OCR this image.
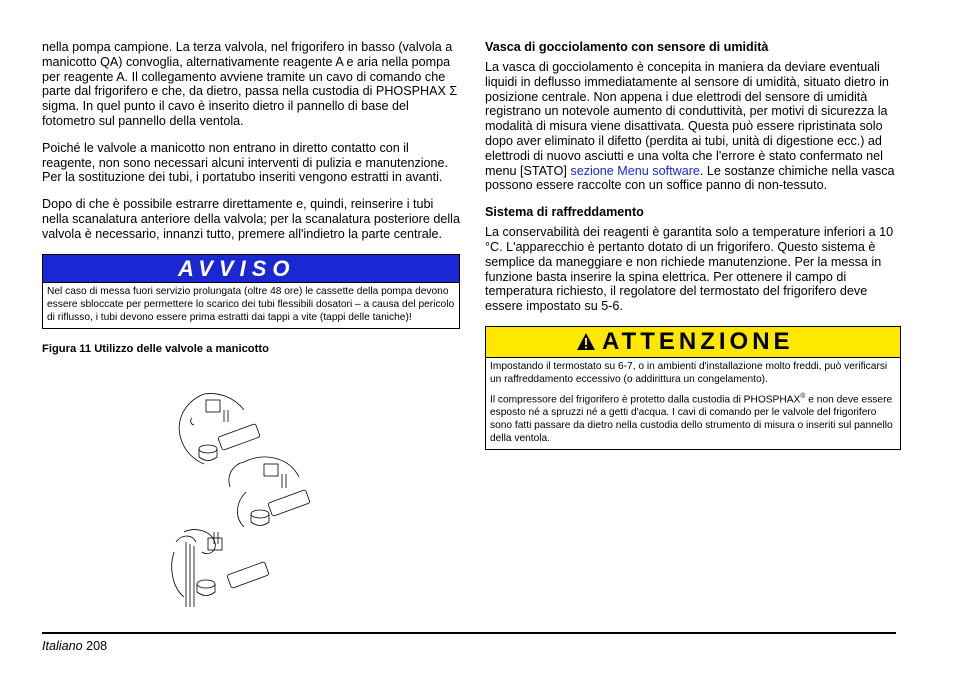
nella pompa campione. La terza valvola, nel frigorifero in basso (valvola a manicotto QA) convoglia, alternativamente reagente A e aria nella pompa per reagente A. Il collegamento avviene tramite un cavo di comando che parte dal frigorifero e che, da dietro, passa nella custodia di PHOSPHAX Σ sigma. In quel punto il cavo è inserito dietro il pannello di base del fotometro sul pannello della ventola.

Poiché le valvole a manicotto non entrano in diretto contatto con il reagente, non sono necessari alcuni interventi di pulizia e manutenzione. Per la sostituzione dei tubi, i portatubo inseriti vengono estratti in avanti.

Dopo di che è possibile estrarre direttamente e, quindi, reinserire i tubi nella scanalatura anteriore della valvola; per la scanalatura posteriore della valvola è necessario, innanzi tutto, premere all'indietro la parte centrale.

AVVISO

Nel caso di messa fuori servizio prolungata (oltre 48 ore) le cassette della pompa devono essere sbloccate per permettere lo scarico dei tubi flessibili dosatori – a causa del pericolo di riflusso, i tubi devono essere prima estratti dai tappi a vite (tappi delle taniche)!

Figura 11 Utilizzo delle valvole a manicotto

Vasca di gocciolamento con sensore di umidità

La vasca di gocciolamento è concepita in maniera da deviare eventuali liquidi in deflusso immediatamente al sensore di umidità, situato dietro in posizione centrale. Non appena i due elettrodi del sensore di umidità registrano un notevole aumento di conduttività, per motivi di sicurezza la modalità di misura viene disattivata. Questa può essere ripristinata solo dopo aver eliminato il difetto (perdita ai tubi, unità di digestione ecc.) ad elettrodi di nuovo asciutti e una volta che l'errore è stato confermato nel menu [STATO] sezione Menu software. Le sostanze chimiche nella vasca possono essere raccolte con un soffice panno di non-tessuto.

Sistema di raffreddamento

La conservabilità dei reagenti è garantita solo a temperature inferiori a 10 °C. L'apparecchio è pertanto dotato di un frigorifero. Questo sistema è semplice da maneggiare e non richiede manutenzione. Per la messa in funzione basta inserire la spina elettrica. Per ottenere il campo di temperatura richiesto, il regolatore del termostato del frigorifero deve essere impostato su 5-6.

ATTENZIONE

Impostando il termostato su 6-7, o in ambienti d'installazione molto freddi, può verificarsi un raffreddamento eccessivo (o addirittura un congelamento).

Il compressore del frigorifero è protetto dalla custodia di PHOSPHAX® e non deve essere esposto né a spruzzi né a getti d'acqua. I cavi di comando per le valvole del frigorifero sono fatti passare da dietro nella custodia dello strumento di misura o inseriti sul pannello della ventola.

Italiano 208
